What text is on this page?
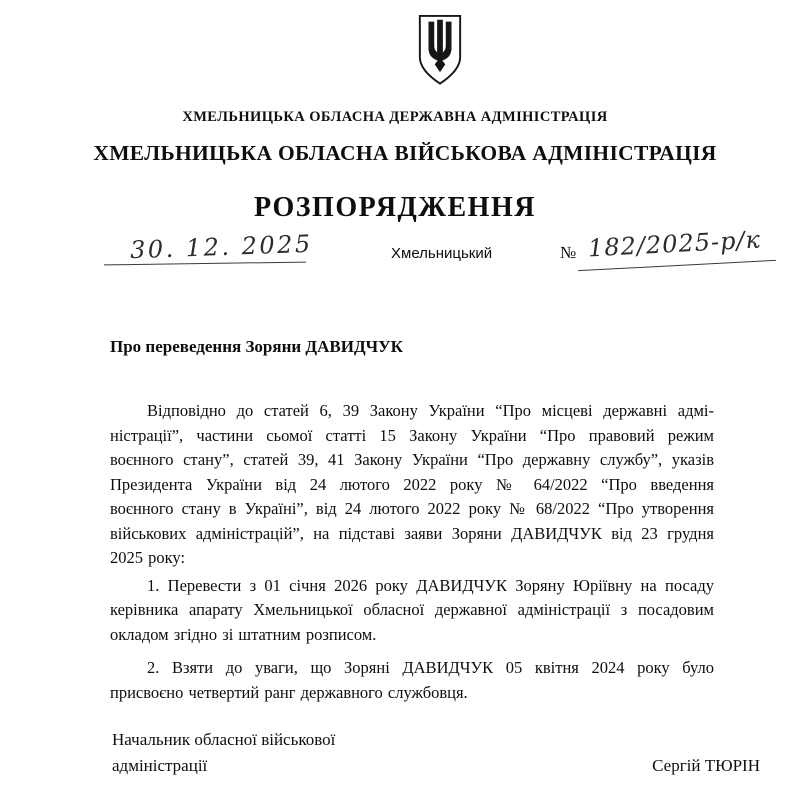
ХМЕЛЬНИЦЬКА ОБЛАСНА ДЕРЖАВНА АДМІНІСТРАЦІЯ
ХМЕЛЬНИЦЬКА ОБЛАСНА ВІЙСЬКОВА АДМІНІСТРАЦІЯ
РОЗПОРЯДЖЕННЯ
30. 12. 2025	Хмельницький	№ 182/2025-р/к
Про переведення Зоряни ДАВИДЧУК
Відповідно до статей 6, 39 Закону України “Про місцеві державні адмі-
ністрації”, частини сьомої статті 15 Закону України “Про правовий режим
воєнного стану”, статей 39, 41 Закону України “Про державну службу”, указів
Президента України від 24 лютого 2022 року № 64/2022 “Про введення
воєнного стану в Україні”, від 24 лютого 2022 року № 68/2022 “Про утворення
військових адміністрацій”, на підставі заяви Зоряни ДАВИДЧУК від 23 грудня
2025 року:
1. Перевести з 01 січня 2026 року ДАВИДЧУК Зоряну Юріївну на посаду
керівника апарату Хмельницької обласної державної адміністрації з посадовим
окладом згідно зі штатним розписом.
2. Взяти до уваги, що Зоряні ДАВИДЧУК 05 квітня 2024 року було
присвоєно четвертий ранг державного службовця.
Начальник обласної військової
адміністрації	Сергій ТЮРІН
